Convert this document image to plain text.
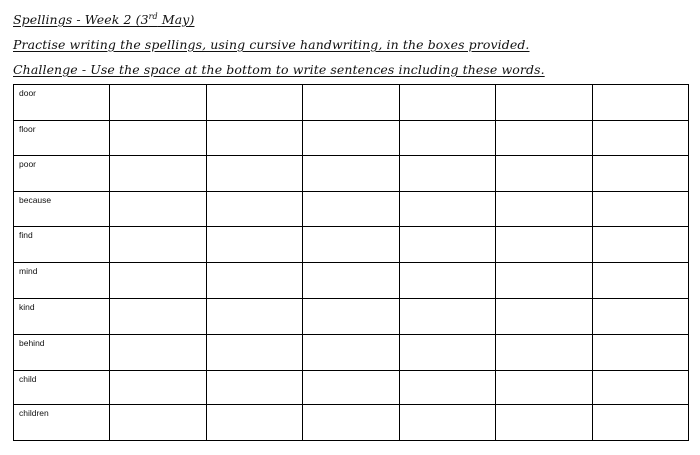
Spellings - Week 2 (3rd May)
Practise writing the spellings, using cursive handwriting, in the boxes provided.
Challenge - Use the space at the bottom to write sentences including these words.
door						
floor						
poor						
because						
find						
mind						
kind						
behind						
child						
children						
